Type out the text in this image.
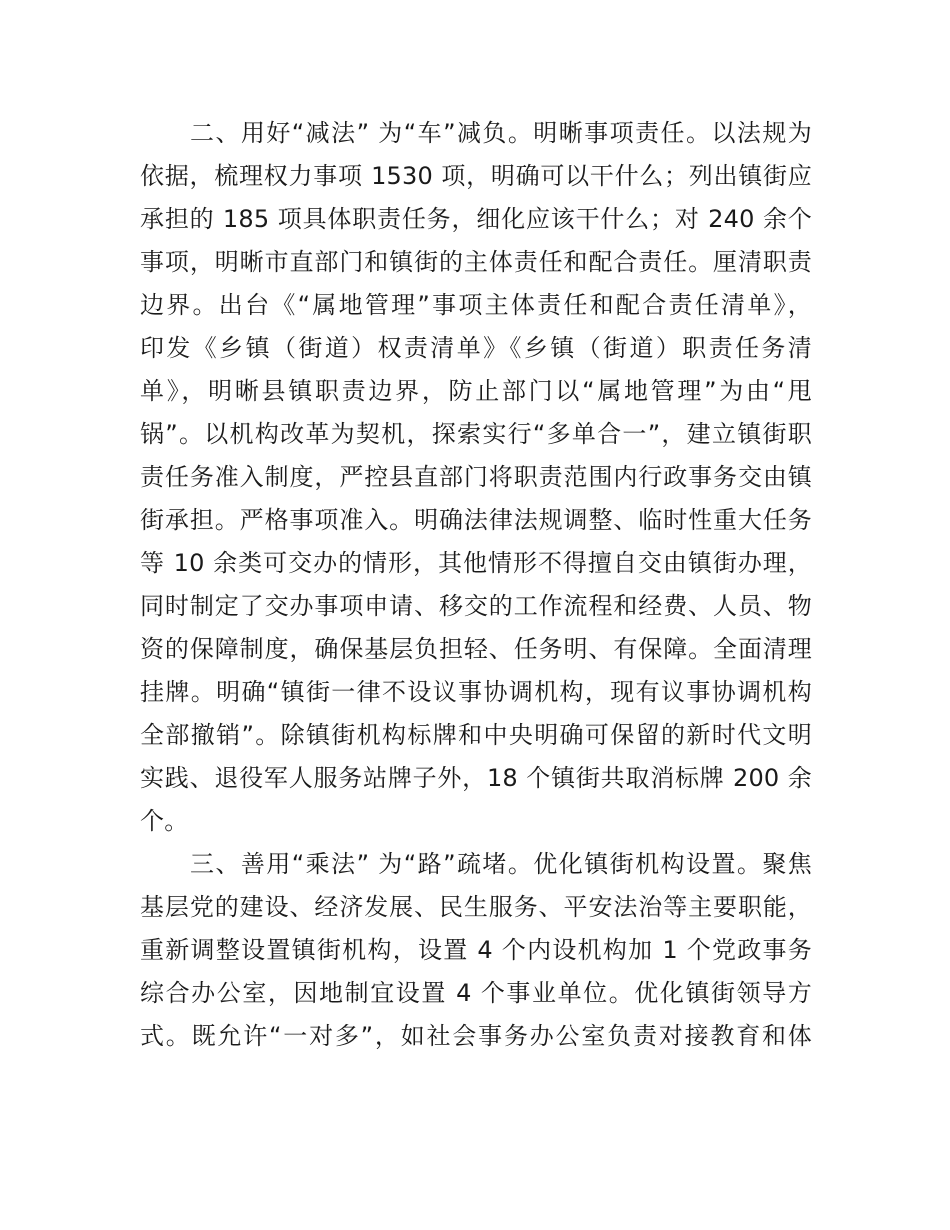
二、用好“减法” 为“车”减负。明晰事项责任。以法规为
依据，梳理权力事项 1530 项，明确可以干什么；列出镇街应
承担的 185 项具体职责任务，细化应该干什么；对 240 余个
事项，明晰市直部门和镇街的主体责任和配合责任。厘清职责
边界。出台《“属地管理”事项主体责任和配合责任清单》，
印发《乡镇（街道）权责清单》《乡镇（街道）职责任务清
单》，明晰县镇职责边界，防止部门以“属地管理”为由“甩
锅”。以机构改革为契机，探索实行“多单合一”，建立镇街职
责任务准入制度，严控县直部门将职责范围内行政事务交由镇
街承担。严格事项准入。明确法律法规调整、临时性重大任务
等 10 余类可交办的情形，其他情形不得擅自交由镇街办理，
同时制定了交办事项申请、移交的工作流程和经费、人员、物
资的保障制度，确保基层负担轻、任务明、有保障。全面清理
挂牌。明确“镇街一律不设议事协调机构，现有议事协调机构
全部撤销”。除镇街机构标牌和中央明确可保留的新时代文明
实践、退役军人服务站牌子外，18 个镇街共取消标牌 200 余
个。
三、善用“乘法” 为“路”疏堵。优化镇街机构设置。聚焦
基层党的建设、经济发展、民生服务、平安法治等主要职能，
重新调整设置镇街机构，设置 4 个内设机构加 1 个党政事务
综合办公室，因地制宜设置 4 个事业单位。优化镇街领导方
式。既允许“一对多”，如社会事务办公室负责对接教育和体
